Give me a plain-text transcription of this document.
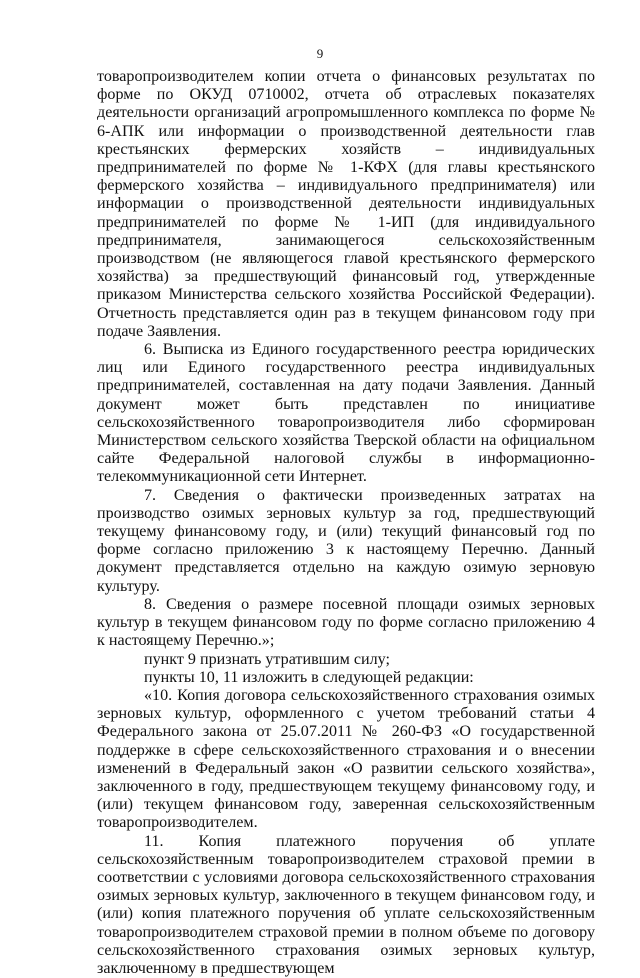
9

товаропроизводителем копии отчета о финансовых результатах по форме по ОКУД 0710002, отчета об отраслевых показателях деятельности организаций агропромышленного комплекса по форме № 6-АПК или информации о производственной деятельности глав крестьянских фермерских хозяйств – индивидуальных предпринимателей по форме № 1-КФХ (для главы крестьянского фермерского хозяйства – индивидуального предпринимателя) или информации о производственной деятельности индивидуальных предпринимателей по форме № 1-ИП (для индивидуального предпринимателя, занимающегося сельскохозяйственным производством (не являющегося главой крестьянского фермерского хозяйства) за предшествующий финансовый год, утвержденные приказом Министерства сельского хозяйства Российской Федерации). Отчетность представляется один раз в текущем финансовом году при подаче Заявления.

6. Выписка из Единого государственного реестра юридических лиц или Единого государственного реестра индивидуальных предпринимателей, составленная на дату подачи Заявления. Данный документ может быть представлен по инициативе сельскохозяйственного товаропроизводителя либо сформирован Министерством сельского хозяйства Тверской области на официальном сайте Федеральной налоговой службы в информационно-телекоммуникационной сети Интернет.

7. Сведения о фактически произведенных затратах на производство озимых зерновых культур за год, предшествующий текущему финансовому году, и (или) текущий финансовый год по форме согласно приложению 3 к настоящему Перечню. Данный документ представляется отдельно на каждую озимую зерновую культуру.

8. Сведения о размере посевной площади озимых зерновых культур в текущем финансовом году по форме согласно приложению 4 к настоящему Перечню.»;

пункт 9 признать утратившим силу;

пункты 10, 11 изложить в следующей редакции:

«10. Копия договора сельскохозяйственного страхования озимых зерновых культур, оформленного с учетом требований статьи 4 Федерального закона от 25.07.2011 № 260-ФЗ «О государственной поддержке в сфере сельскохозяйственного страхования и о внесении изменений в Федеральный закон «О развитии сельского хозяйства», заключенного в году, предшествующем текущему финансовому году, и (или) текущем финансовом году, заверенная сельскохозяйственным товаропроизводителем.

11. Копия платежного поручения об уплате сельскохозяйственным товаропроизводителем страховой премии в соответствии с условиями договора сельскохозяйственного страхования озимых зерновых культур, заключенного в текущем финансовом году, и (или) копия платежного поручения об уплате сельскохозяйственным товаропроизводителем страховой премии в полном объеме по договору сельскохозяйственного страхования озимых зерновых культур, заключенному в предшествующем
